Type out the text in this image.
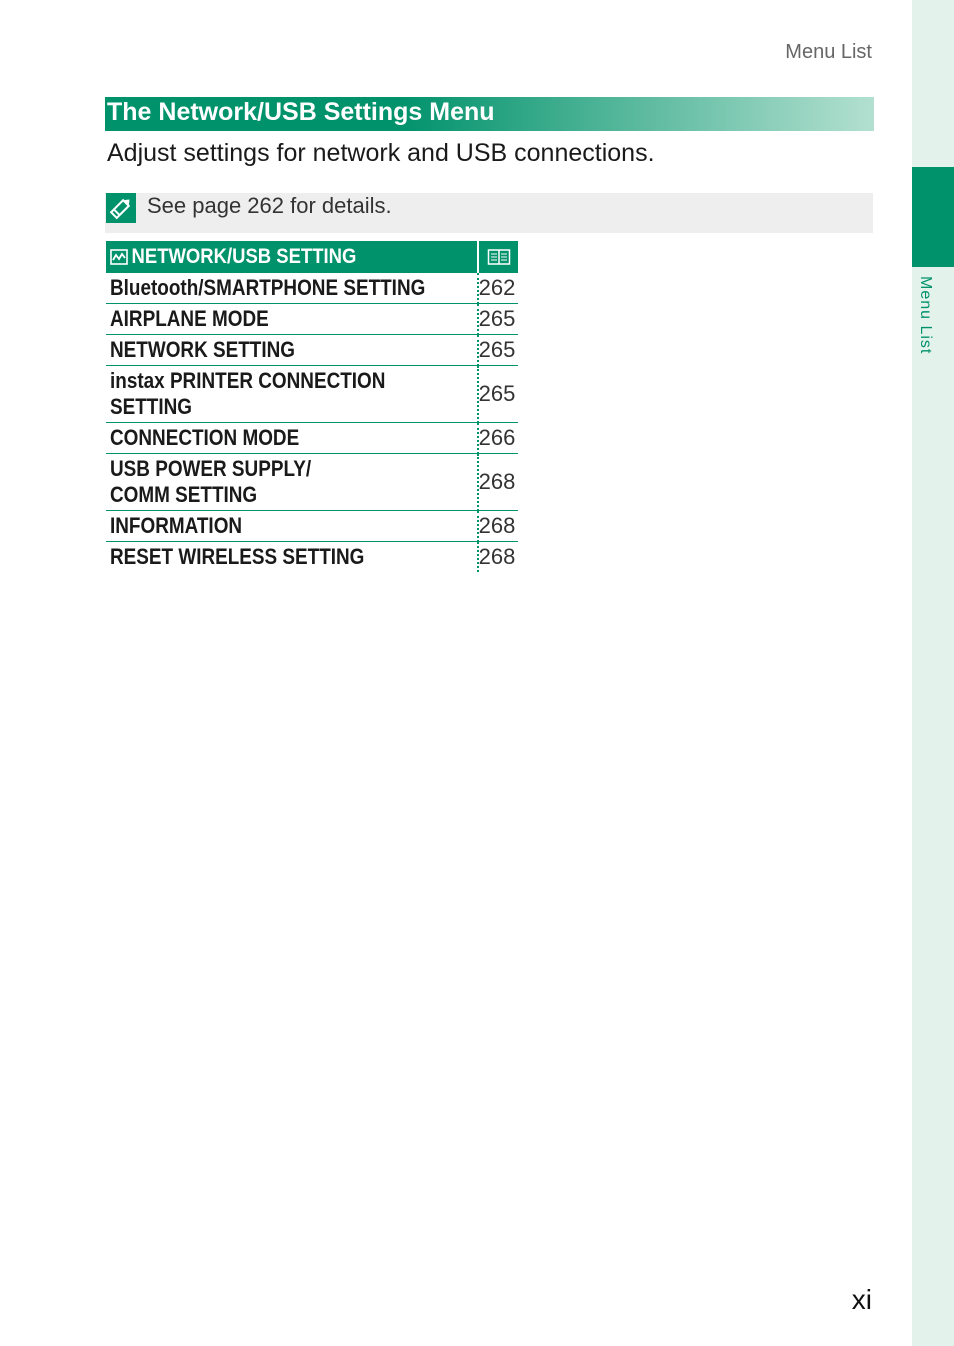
Menu List
Menu List
The Network/USB Settings Menu
Adjust settings for network and USB connections.
See page 262 for details.
NETWORK/USB SETTING

	Bluetooth/SMARTPHONE SETTING	262
	AIRPLANE MODE	265
	NETWORK SETTING	265
	instax PRINTER CONNECTION
SETTING	265
	CONNECTION MODE	266
	USB POWER SUPPLY/
COMM SETTING	268
	INFORMATION	268
	RESET WIRELESS SETTING	268
xi
